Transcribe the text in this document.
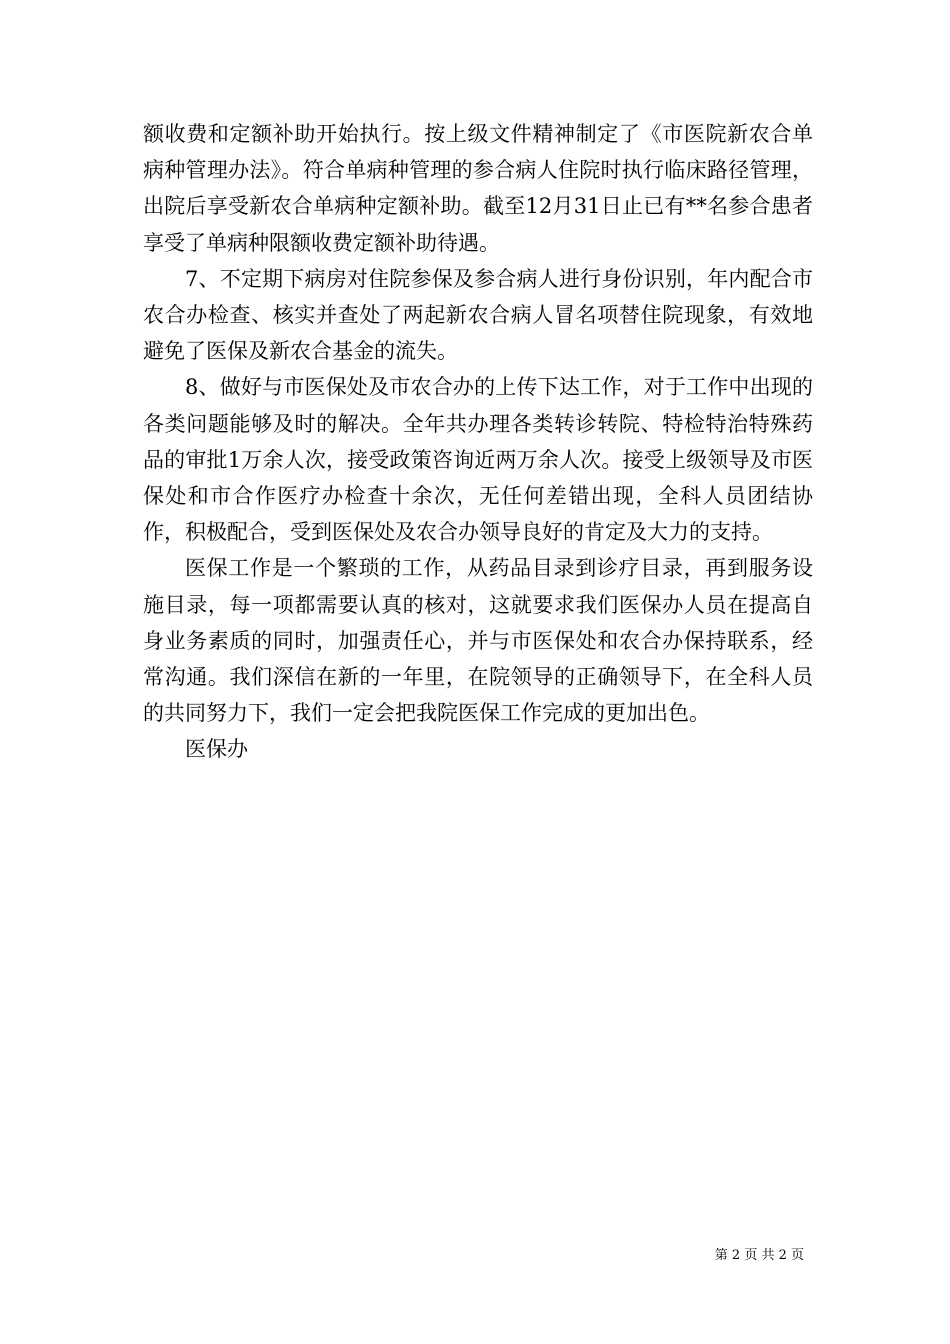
额收费和定额补助开始执行。按上级文件精神制定了《市医院新农合单病种管理办法》。符合单病种管理的参合病人住院时执行临床路径管理，出院后享受新农合单病种定额补助。截至12月31日止已有**名参合患者享受了单病种限额收费定额补助待遇。

7、不定期下病房对住院参保及参合病人进行身份识别，年内配合市农合办检查、核实并查处了两起新农合病人冒名项替住院现象，有效地避免了医保及新农合基金的流失。

8、做好与市医保处及市农合办的上传下达工作，对于工作中出现的各类问题能够及时的解决。全年共办理各类转诊转院、特检特治特殊药品的审批1万余人次，接受政策咨询近两万余人次。接受上级领导及市医保处和市合作医疗办检查十余次，无任何差错出现，全科人员团结协作，积极配合，受到医保处及农合办领导良好的肯定及大力的支持。

医保工作是一个繁琐的工作，从药品目录到诊疗目录，再到服务设施目录，每一项都需要认真的核对，这就要求我们医保办人员在提高自身业务素质的同时，加强责任心，并与市医保处和农合办保持联系，经常沟通。我们深信在新的一年里，在院领导的正确领导下，在全科人员的共同努力下，我们一定会把我院医保工作完成的更加出色。

医保办

第 2 页 共 2 页
